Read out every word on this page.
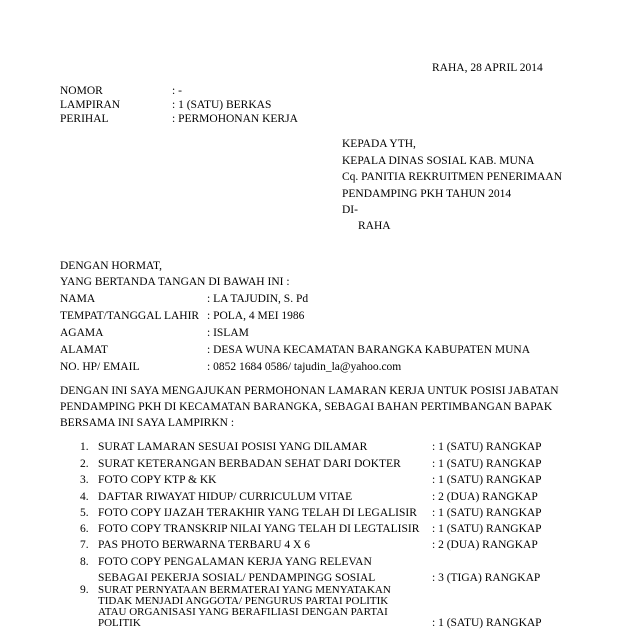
RAHA, 28 APRIL 2014
NOMOR	: -
LAMPIRAN	: 1 (SATU) BERKAS
PERIHAL	: PERMOHONAN KERJA
KEPADA YTH,
KEPALA DINAS SOSIAL KAB. MUNA
Cq. PANITIA REKRUITMEN PENERIMAAN
PENDAMPING PKH TAHUN 2014
DI-
RAHA
DENGAN HORMAT,
YANG BERTANDA TANGAN DI BAWAH INI :
NAMA	: LA TAJUDIN, S. Pd
TEMPAT/TANGGAL LAHIR : POLA, 4 MEI 1986
AGAMA	: ISLAM
ALAMAT	: DESA WUNA KECAMATAN BARANGKA KABUPATEN MUNA
NO. HP/ EMAIL	: 0852 1684 0586/ tajudin_la@yahoo.com
DENGAN INI SAYA MENGAJUKAN PERMOHONAN LAMARAN KERJA UNTUK POSISI JABATAN
PENDAMPING PKH DI KECAMATAN BARANGKA, SEBAGAI BAHAN PERTIMBANGAN BAPAK
BERSAMA INI SAYA LAMPIRKN :
1. SURAT LAMARAN SESUAI POSISI YANG DILAMAR	: 1 (SATU) RANGKAP
2. SURAT KETERANGAN BERBADAN SEHAT DARI DOKTER	: 1 (SATU) RANGKAP
3. FOTO COPY KTP & KK	: 1 (SATU) RANGKAP
4. DAFTAR RIWAYAT HIDUP/ CURRICULUM VITAE	: 2 (DUA) RANGKAP
5. FOTO COPY IJAZAH TERAKHIR YANG TELAH DI LEGALISIR : 1 (SATU) RANGKAP
6. FOTO COPY TRANSKRIP NILAI YANG TELAH DI LEGTALISIR : 1 (SATU) RANGKAP
7. PAS PHOTO BERWARNA TERBARU 4 X 6	: 2 (DUA) RANGKAP
8. FOTO COPY PENGALAMAN KERJA YANG RELEVAN
SEBAGAI PEKERJA SOSIAL/ PENDAMPINGG SOSIAL	: 3 (TIGA) RANGKAP
9. SURAT PERNYATAAN BERMATERAI YANG MENYATAKAN
TIDAK MENJADI ANGGOTA/ PENGURUS PARTAI POLITIK
ATAU ORGANISASI YANG BERAFILIASI DENGAN PARTAI
POLITIK	: 1 (SATU) RANGKAP
